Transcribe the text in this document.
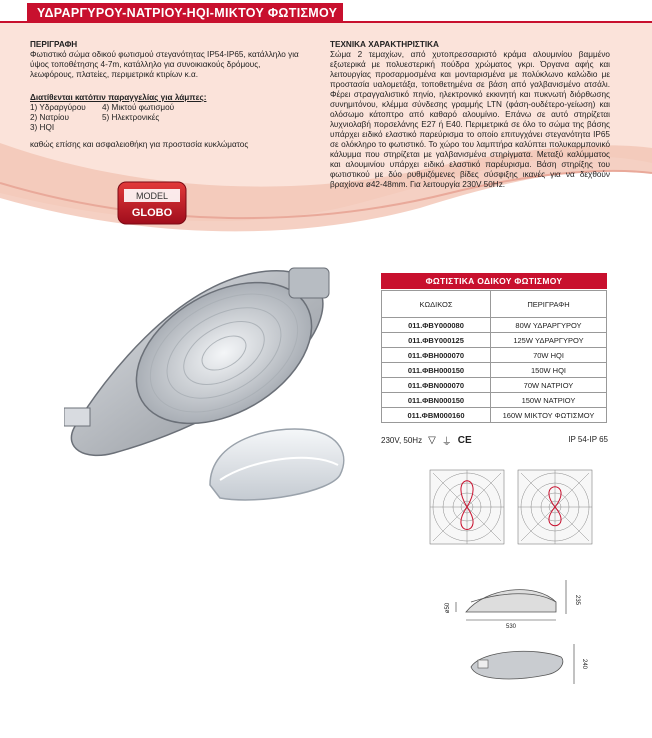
ΥΔΡΑΡΓΥΡΟΥ-ΝΑΤΡΙΟΥ-HQI-ΜΙΚΤΟΥ ΦΩΤΙΣΜΟΥ

ΠΕΡΙΓΡΑΦΗ

Φωτιστικό σώμα οδικού φωτισμού στεγανότητας IP54-IP65, κατάλληλο για ύψος τοποθέτησης 4-7m, κατάλληλο για συνοικιακούς δρόμους, λεωφόρους, πλατείες, περιμετρικά κτιρίων κ.α.

Διατίθενται κατόπιν παραγγελίας για λάμπες:

1) Υδραργύρου	4) Μικτού φωτισμού
2) Νατρίου	5) Ηλεκτρονικές
3) HQI

καθώς επίσης και ασφαλειοθήκη για προστασία κυκλώματος

ΤΕΧΝΙΚΑ ΧΑΡΑΚΤΗΡΙΣΤΙΚΑ

Σώμα 2 τεμαχίων, από χυτοπρεσσαριστό κράμα αλουμινίου βαμμένο εξωτερικά με πολυεστερική πούδρα χρώματος γκρι. Όργανα αφής και λειτουργίας προσαρμοσμένα και μονταρισμένα με πολύκλωνο καλώδιο με προστασία υαλομετάξα, τοποθετημένα σε βάση από γαλβανισμένο ατσάλι. Φέρει στραγγαλιστικό πηνίο, ηλεκτρονικό εκκινητή και πυκνωτή διόρθωσης συνημιτόνου, κλέμμα σύνδεσης γραμμής LTN (φάση-ουδέτερο-γείωση) και ολόσωμο κάτοπτρο από καθαρό αλουμίνιο. Επάνω σε αυτό στηρίζεται λυχνιολαβή πορσελάνης E27 ή E40. Περιμετρικά σε όλο το σώμα της βάσης υπάρχει ειδικό ελαστικό παρεύρισμα το οποίο επιτυγχάνει στεγανότητα IP65 σε ολόκληρο το φωτιστικό. Το χώρο του λαμπτήρα καλύπτει πολυκαρμπονικό κάλυμμα που στηρίζεται με γαλβανισμένα στηρίγματα. Μεταξύ καλύμματος και αλουμινίου υπάρχει ειδικό ελαστικό παρέυρισμα. Βάση στηρίξης του φωτιστικού με δύο ρυθμιζόμενες βίδες σύσφιξης ικανές για να δεχθούν βραχίονα ø42-48mm. Για λειτουργία 230V 50Hz.

MODEL
GLOBO
ΦΩΤΙΣΤΙΚΑ ΟΔΙΚΟΥ ΦΩΤΙΣΜΟΥ
ΚΩΔΙΚΟΣ	ΠΕΡΙΓΡΑΦΗ
011.ΦΒΥ000080	80W ΥΔΡΑΡΓΥΡΟΥ
011.ΦΒΥ000125	125W ΥΔΡΑΡΓΥΡΟΥ
011.ΦΒΗ000070	70W HQI
011.ΦΒΗ000150	150W HQI
011.ΦΒΝ000070	70W ΝΑΤΡΙΟΥ
011.ΦΒΝ000150	150W ΝΑΤΡΙΟΥ
011.ΦΒΜ000160	160W ΜΙΚΤΟΥ ΦΩΤΙΣΜΟΥ
230V, 50Hz ▽ ⏚ CE	IP 54-IP 65
530
235
ø50
240
